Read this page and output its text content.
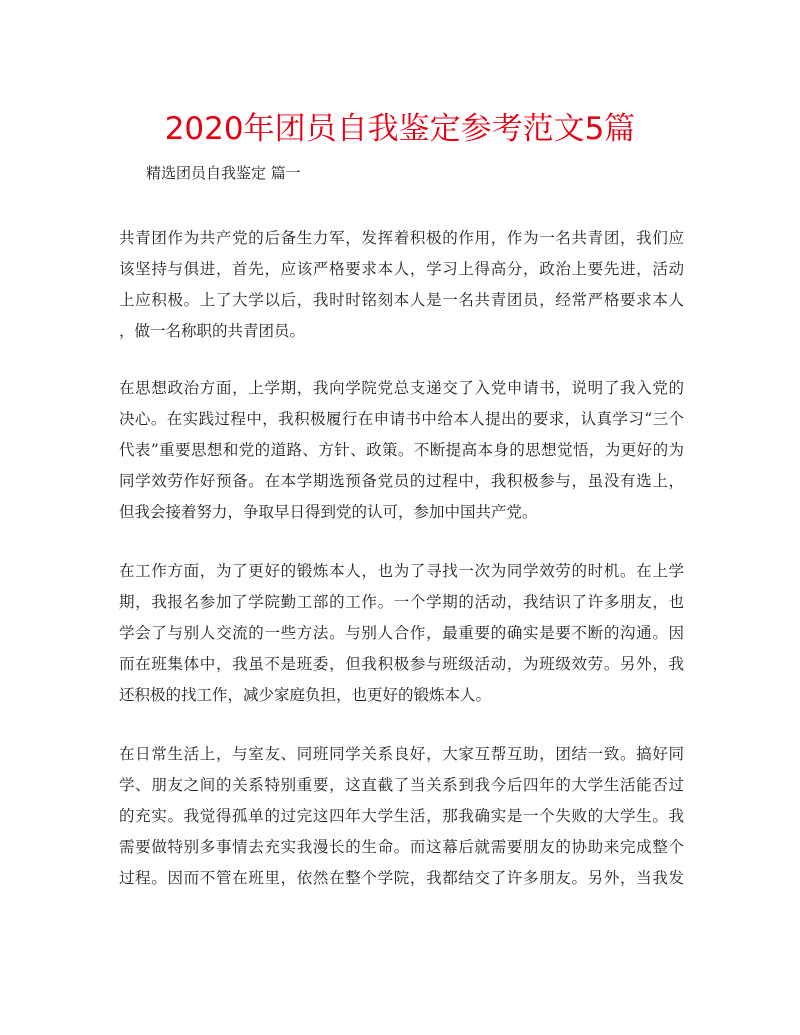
2020年团员自我鉴定参考范文5篇
精选团员自我鉴定 篇一

共青团作为共产党的后备生力军，发挥着积极的作用，作为一名共青团，我们应
该坚持与俱进，首先，应该严格要求本人，学习上得高分，政治上要先进，活动
上应积极。上了大学以后，我时时铭刻本人是一名共青团员，经常严格要求本人
，做一名称职的共青团员。

在思想政治方面，上学期，我向学院党总支递交了入党申请书，说明了我入党的
决心。在实践过程中，我积极履行在申请书中给本人提出的要求，认真学习“三个
代表”重要思想和党的道路、方针、政策。不断提高本身的思想觉悟，为更好的为
同学效劳作好预备。在本学期选预备党员的过程中，我积极参与，虽没有选上，
但我会接着努力，争取早日得到党的认可，参加中国共产党。

在工作方面，为了更好的锻炼本人，也为了寻找一次为同学效劳的时机。在上学
期，我报名参加了学院勤工部的工作。一个学期的活动，我结识了许多朋友，也
学会了与别人交流的一些方法。与别人合作，最重要的确实是要不断的沟通。因
而在班集体中，我虽不是班委，但我积极参与班级活动，为班级效劳。另外，我
还积极的找工作，减少家庭负担，也更好的锻炼本人。

在日常生活上，与室友、同班同学关系良好，大家互帮互助，团结一致。搞好同
学、朋友之间的关系特别重要，这直截了当关系到我今后四年的大学生活能否过
的充实。我觉得孤单的过完这四年大学生活，那我确实是一个失败的大学生。我
需要做特别多事情去充实我漫长的生命。而这幕后就需要朋友的协助来完成整个
过程。因而不管在班里，依然在整个学院，我都结交了许多朋友。另外，当我发
